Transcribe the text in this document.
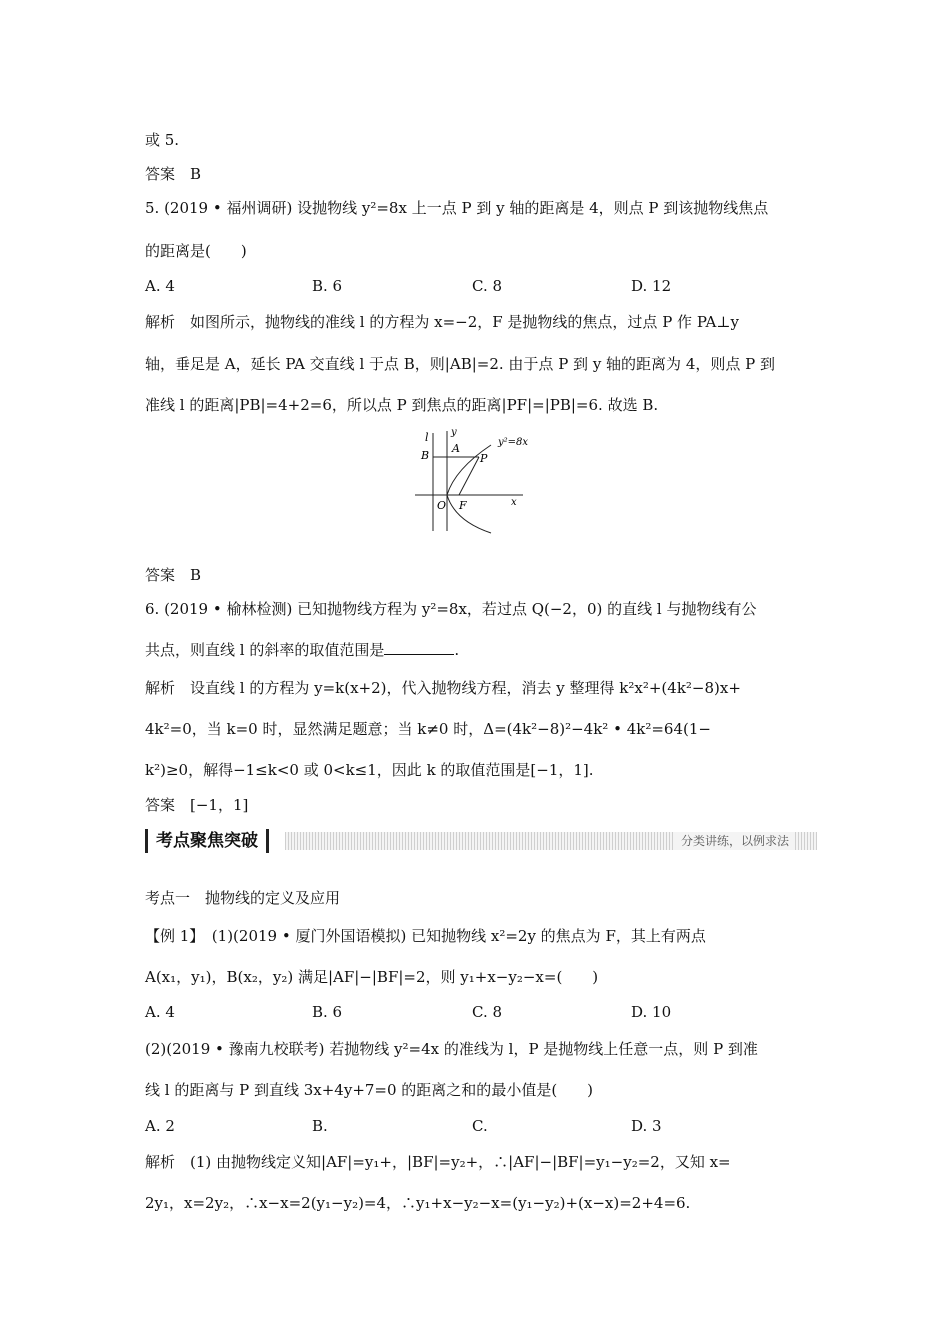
或 5.
答案　B
5. (2019 • 福州调研) 设抛物线 y²=8x 上一点 P 到 y 轴的距离是 4，则点 P 到该抛物线焦点
的距离是(　　)
A. 4	B. 6	C. 8	D. 12
解析　如图所示，抛物线的准线 l 的方程为 x=−2，F 是抛物线的焦点，过点 P 作 PA⊥y
轴，垂足是 A，延长 PA 交直线 l 于点 B，则|AB|=2. 由于点 P 到 y 轴的距离为 4，则点 P 到
准线 l 的距离|PB|=4+2=6，所以点 P 到焦点的距离|PF|=|PB|=6. 故选 B.
l y
y²=8x
B
A
P
O F	x
答案　B
6. (2019 • 榆林检测) 已知抛物线方程为 y²=8x，若过点 Q(−2，0) 的直线 l 与抛物线有公
共点，则直线 l 的斜率的取值范围是	.
解析　设直线 l 的方程为 y=k(x+2)，代入抛物线方程，消去 y 整理得 k²x²+(4k²−8)x+
4k²=0，当 k=0 时，显然满足题意；当 k≠0 时，Δ=(4k²−8)²−4k² • 4k²=64(1−
k²)≥0，解得−1≤k<0 或 0<k≤1，因此 k 的取值范围是[−1，1].
答案　[−1，1]
考点聚焦突破	分类讲练，以例求法
考点一　抛物线的定义及应用
【例 1】　(1)(2019 • 厦门外国语模拟) 已知抛物线 x²=2y 的焦点为 F，其上有两点
A(x₁，y₁)，B(x₂，y₂) 满足|AF|−|BF|=2，则 y₁+x−y₂−x=(　　)
A. 4	B. 6	C. 8	D. 10
(2)(2019 • 豫南九校联考) 若抛物线 y²=4x 的准线为 l，P 是抛物线上任意一点，则 P 到准
线 l 的距离与 P 到直线 3x+4y+7=0 的距离之和的最小值是(　　)
A. 2	B.	C.	D. 3
解析　(1) 由抛物线定义知|AF|=y₁+，|BF|=y₂+，∴|AF|−|BF|=y₁−y₂=2，又知 x=
2y₁，x=2y₂，∴x−x=2(y₁−y₂)=4，∴y₁+x−y₂−x=(y₁−y₂)+(x−x)=2+4=6.
